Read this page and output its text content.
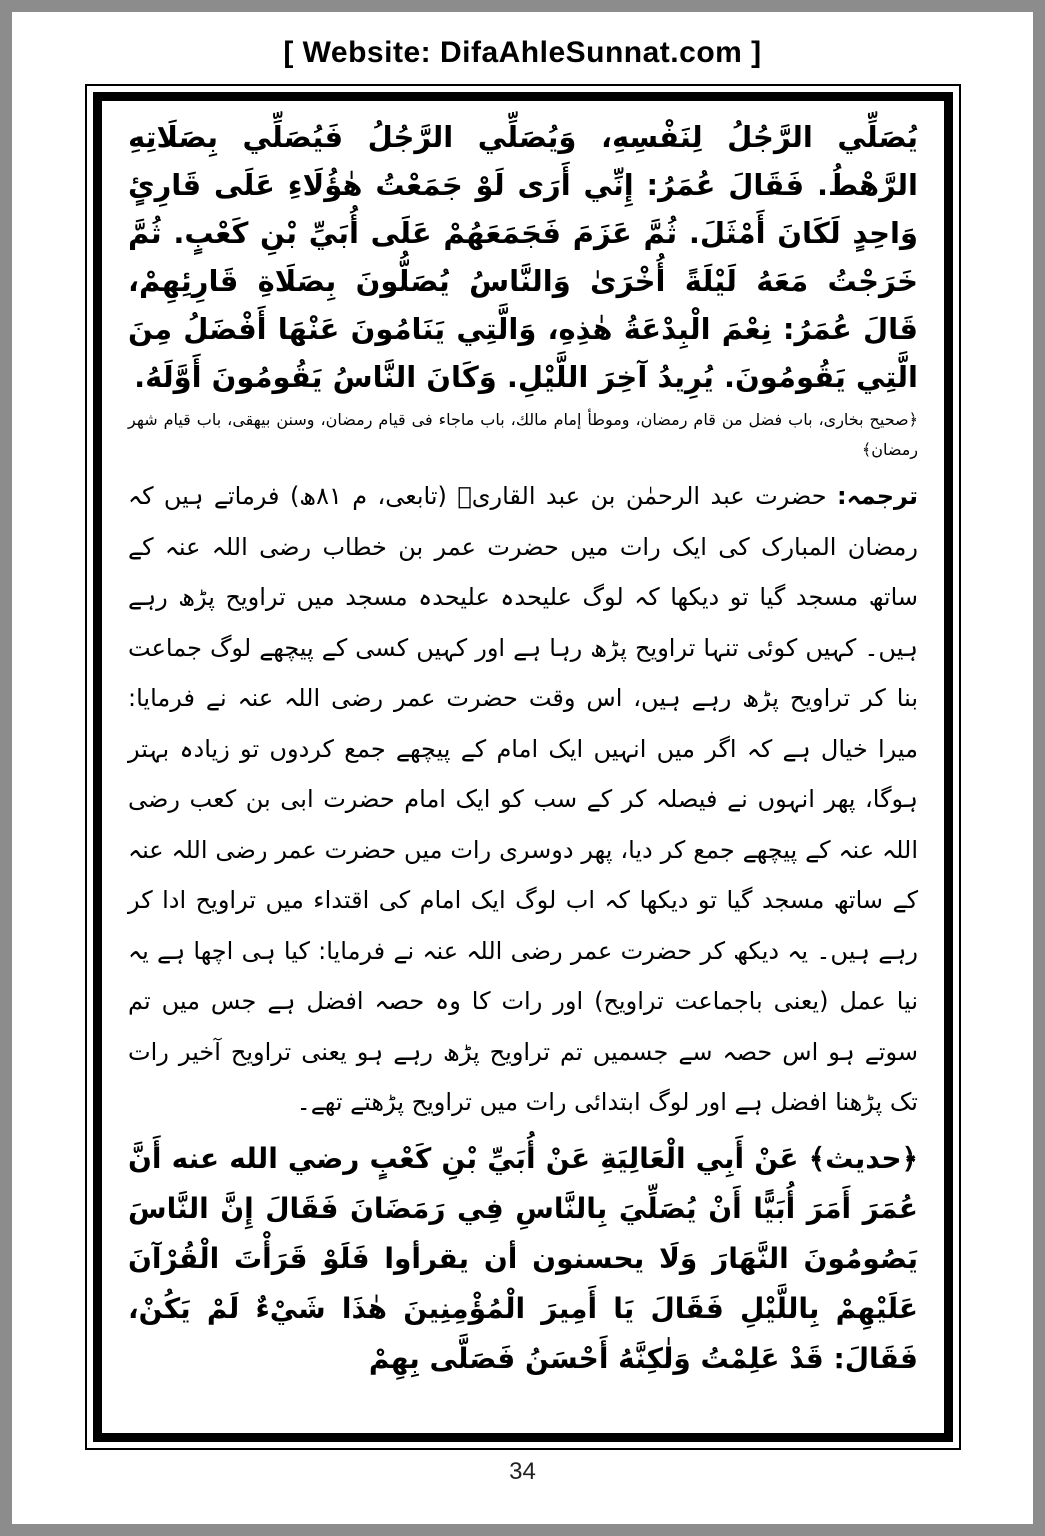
[ Website: DifaAhleSunnat.com ]

يُصَلِّي الرَّجُلُ لِنَفْسِهِ، وَيُصَلِّي الرَّجُلُ فَيُصَلِّي بِصَلَاتِهِ الرَّهْطُ. فَقَالَ عُمَرُ: إِنِّي أَرَى لَوْ جَمَعْتُ هٰؤُلَاءِ عَلَى قَارِئٍ وَاحِدٍ لَكَانَ أَمْثَلَ. ثُمَّ عَزَمَ فَجَمَعَهُمْ عَلَى أُبَيِّ بْنِ كَعْبٍ. ثُمَّ خَرَجْتُ مَعَهُ لَيْلَةً أُخْرَىٰ وَالنَّاسُ يُصَلُّونَ بِصَلَاةِ قَارِئِهِمْ، قَالَ عُمَرُ: نِعْمَ الْبِدْعَةُ هٰذِهِ، وَالَّتِي يَنَامُونَ عَنْهَا أَفْضَلُ مِنَ الَّتِي يَقُومُونَ. يُرِيدُ آخِرَ اللَّيْلِ. وَكَانَ النَّاسُ يَقُومُونَ أَوَّلَهُ.

﴿صحیح بخاری، باب فضل من قام رمضان، وموطأ إمام مالك، باب ماجاء فی قیام رمضان، وسنن بیهقی، باب قیام شهر رمضان﴾

ترجمہ: حضرت عبد الرحمٰن بن عبد القاریؒ (تابعی، م ۸۱ھ) فرماتے ہیں کہ رمضان المبارک کی ایک رات میں حضرت عمر بن خطاب رضی اللہ عنہ کے ساتھ مسجد گیا تو دیکھا کہ لوگ علیحدہ علیحدہ مسجد میں تراویح پڑھ رہے ہیں۔ کہیں کوئی تنہا تراویح پڑھ رہا ہے اور کہیں کسی کے پیچھے لوگ جماعت بنا کر تراویح پڑھ رہے ہیں، اس وقت حضرت عمر رضی اللہ عنہ نے فرمایا: میرا خیال ہے کہ اگر میں انہیں ایک امام کے پیچھے جمع کردوں تو زیادہ بہتر ہوگا، پھر انہوں نے فیصلہ کر کے سب کو ایک امام حضرت ابی بن کعب رضی اللہ عنہ کے پیچھے جمع کر دیا، پھر دوسری رات میں حضرت عمر رضی اللہ عنہ کے ساتھ مسجد گیا تو دیکھا کہ اب لوگ ایک امام کی اقتداء میں تراویح ادا کر رہے ہیں۔ یہ دیکھ کر حضرت عمر رضی اللہ عنہ نے فرمایا: کیا ہی اچھا ہے یہ نیا عمل (یعنی باجماعت تراویح) اور رات کا وہ حصہ افضل ہے جس میں تم سوتے ہو اس حصہ سے جسمیں تم تراویح پڑھ رہے ہو یعنی تراویح آخیر رات تک پڑھنا افضل ہے اور لوگ ابتدائی رات میں تراویح پڑھتے تھے۔

﴿حدیث﴾ عَنْ أَبِي الْعَالِيَةِ عَنْ أُبَيِّ بْنِ كَعْبٍ رضي الله عنه أَنَّ عُمَرَ أَمَرَ أُبَيًّا أَنْ يُصَلِّيَ بِالنَّاسِ فِي رَمَضَانَ فَقَالَ إِنَّ النَّاسَ يَصُومُونَ النَّهَارَ وَلَا يحسنون أن يقرأوا فَلَوْ قَرَأْتَ الْقُرْآنَ عَلَيْهِمْ بِاللَّيْلِ فَقَالَ يَا أَمِيرَ الْمُؤْمِنِينَ هٰذَا شَيْءٌ لَمْ يَكُنْ، فَقَالَ: قَدْ عَلِمْتُ وَلٰكِنَّهُ أَحْسَنُ فَصَلَّى بِهِمْ

34
